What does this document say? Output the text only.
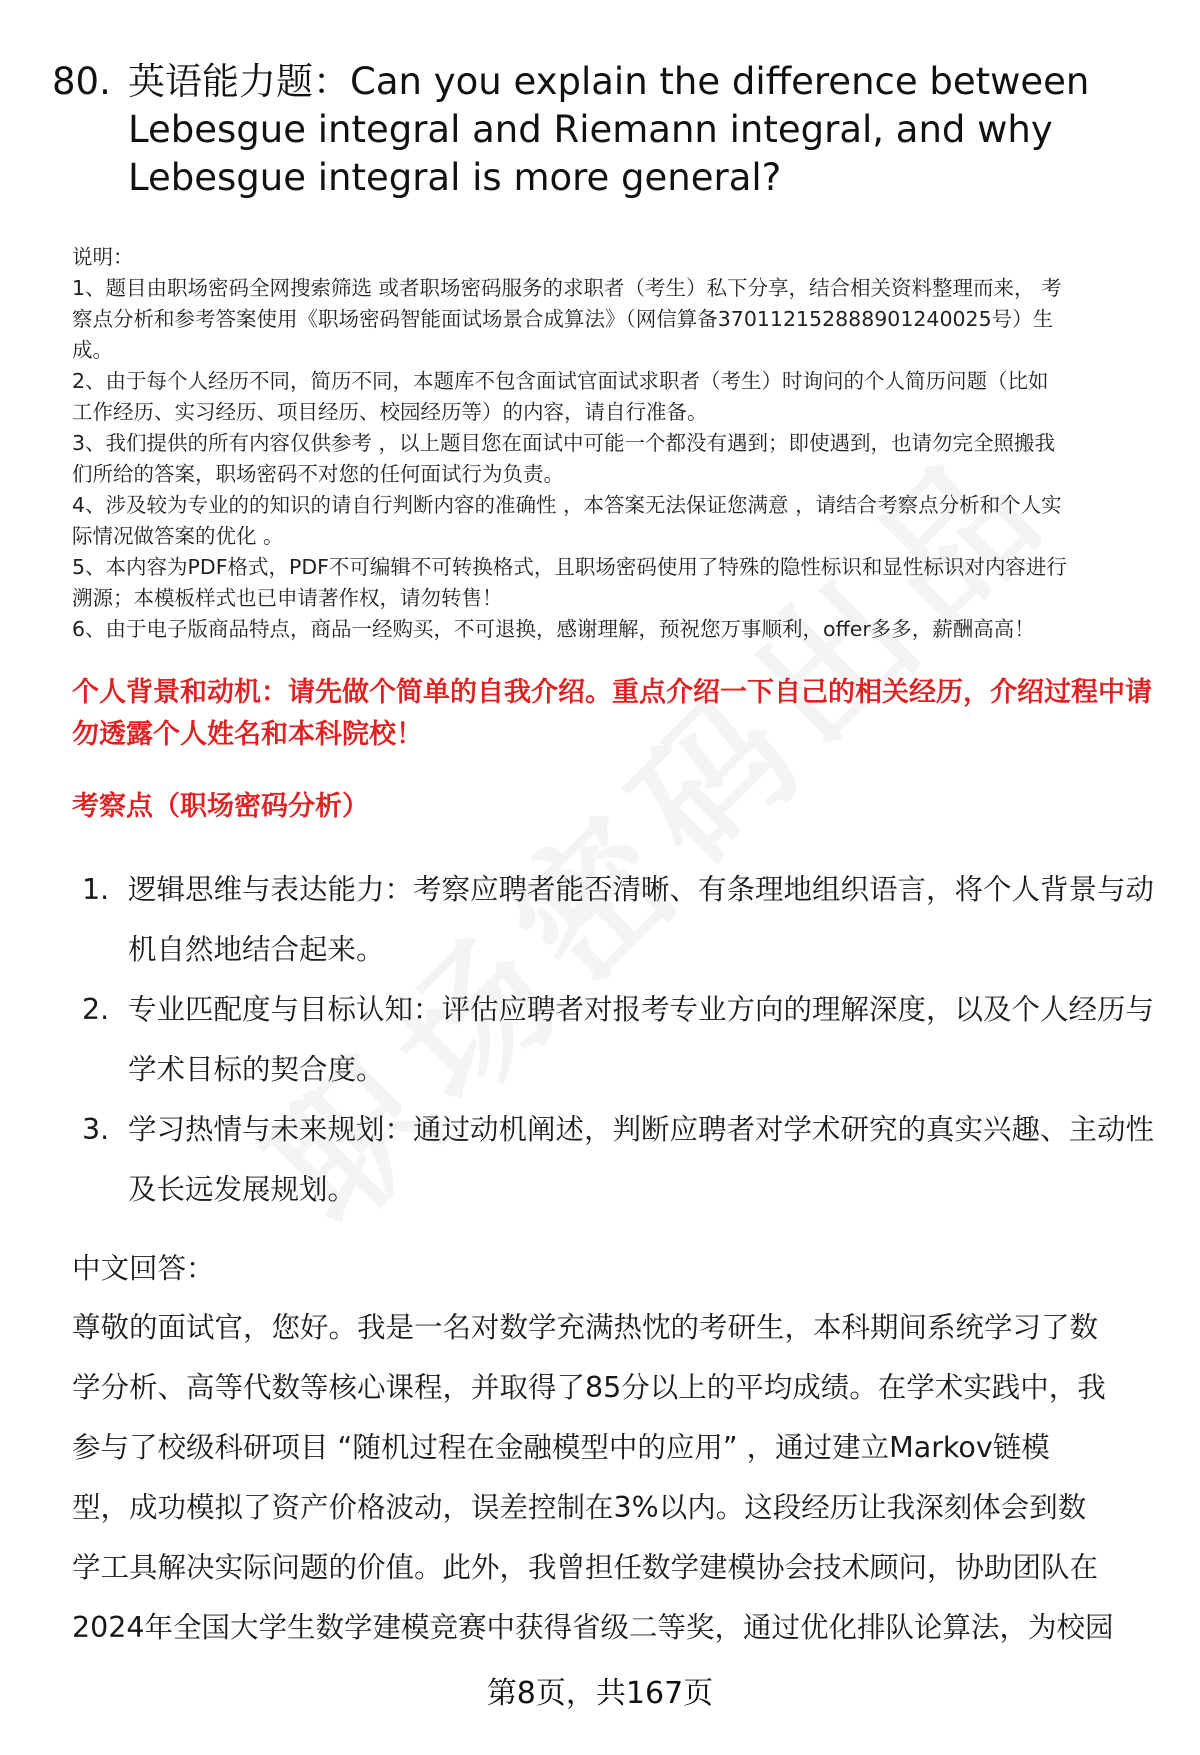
80. 英语能力题：Can you explain the difference between Lebesgue integral and Riemann integral, and why Lebesgue integral is more general?
说明：
1、题目由职场密码全网搜索筛选 或者职场密码服务的求职者（考生）私下分享，结合相关资料整理而来， 考
察点分析和参考答案使用《职场密码智能面试场景合成算法》（网信算备370112152888901240025号）生
成。
2、由于每个人经历不同，简历不同，本题库不包含面试官面试求职者（考生）时询问的个人简历问题（比如
工作经历、实习经历、项目经历、校园经历等）的内容，请自行准备。
3、我们提供的所有内容仅供参考 ，以上题目您在面试中可能一个都没有遇到；即使遇到，也请勿完全照搬我
们所给的答案，职场密码不对您的任何面试行为负责。
4、涉及较为专业的的知识的请自行判断内容的准确性 ，本答案无法保证您满意 ，请结合考察点分析和个人实
际情况做答案的优化 。
5、本内容为PDF格式，PDF不可编辑不可转换格式，且职场密码使用了特殊的隐性标识和显性标识对内容进行
溯源；本模板样式也已申请著作权，请勿转售！
6、由于电子版商品特点，商品一经购买，不可退换，感谢理解，预祝您万事顺利，offer多多，薪酬高高！
个人背景和动机：请先做个简单的自我介绍。重点介绍一下自己的相关经历，介绍过程中请勿透露个人姓名和本科院校！
考察点（职场密码分析）
1. 逻辑思维与表达能力：考察应聘者能否清晰、有条理地组织语言，将个人背景与动机自然地结合起来。
2. 专业匹配度与目标认知：评估应聘者对报考专业方向的理解深度，以及个人经历与学术目标的契合度。
3. 学习热情与未来规划：通过动机阐述，判断应聘者对学术研究的真实兴趣、主动性及长远发展规划。
中文回答：
尊敬的面试官，您好。我是一名对数学充满热忱的考研生，本科期间系统学习了数
学分析、高等代数等核心课程，并取得了85分以上的平均成绩。在学术实践中，我
参与了校级科研项目 “随机过程在金融模型中的应用” ，通过建立Markov链模
型，成功模拟了资产价格波动，误差控制在3%以内。这段经历让我深刻体会到数
学工具解决实际问题的价值。此外，我曾担任数学建模协会技术顾问，协助团队在
2024年全国大学生数学建模竞赛中获得省级二等奖，通过优化排队论算法，为校园
第8页，共167页
